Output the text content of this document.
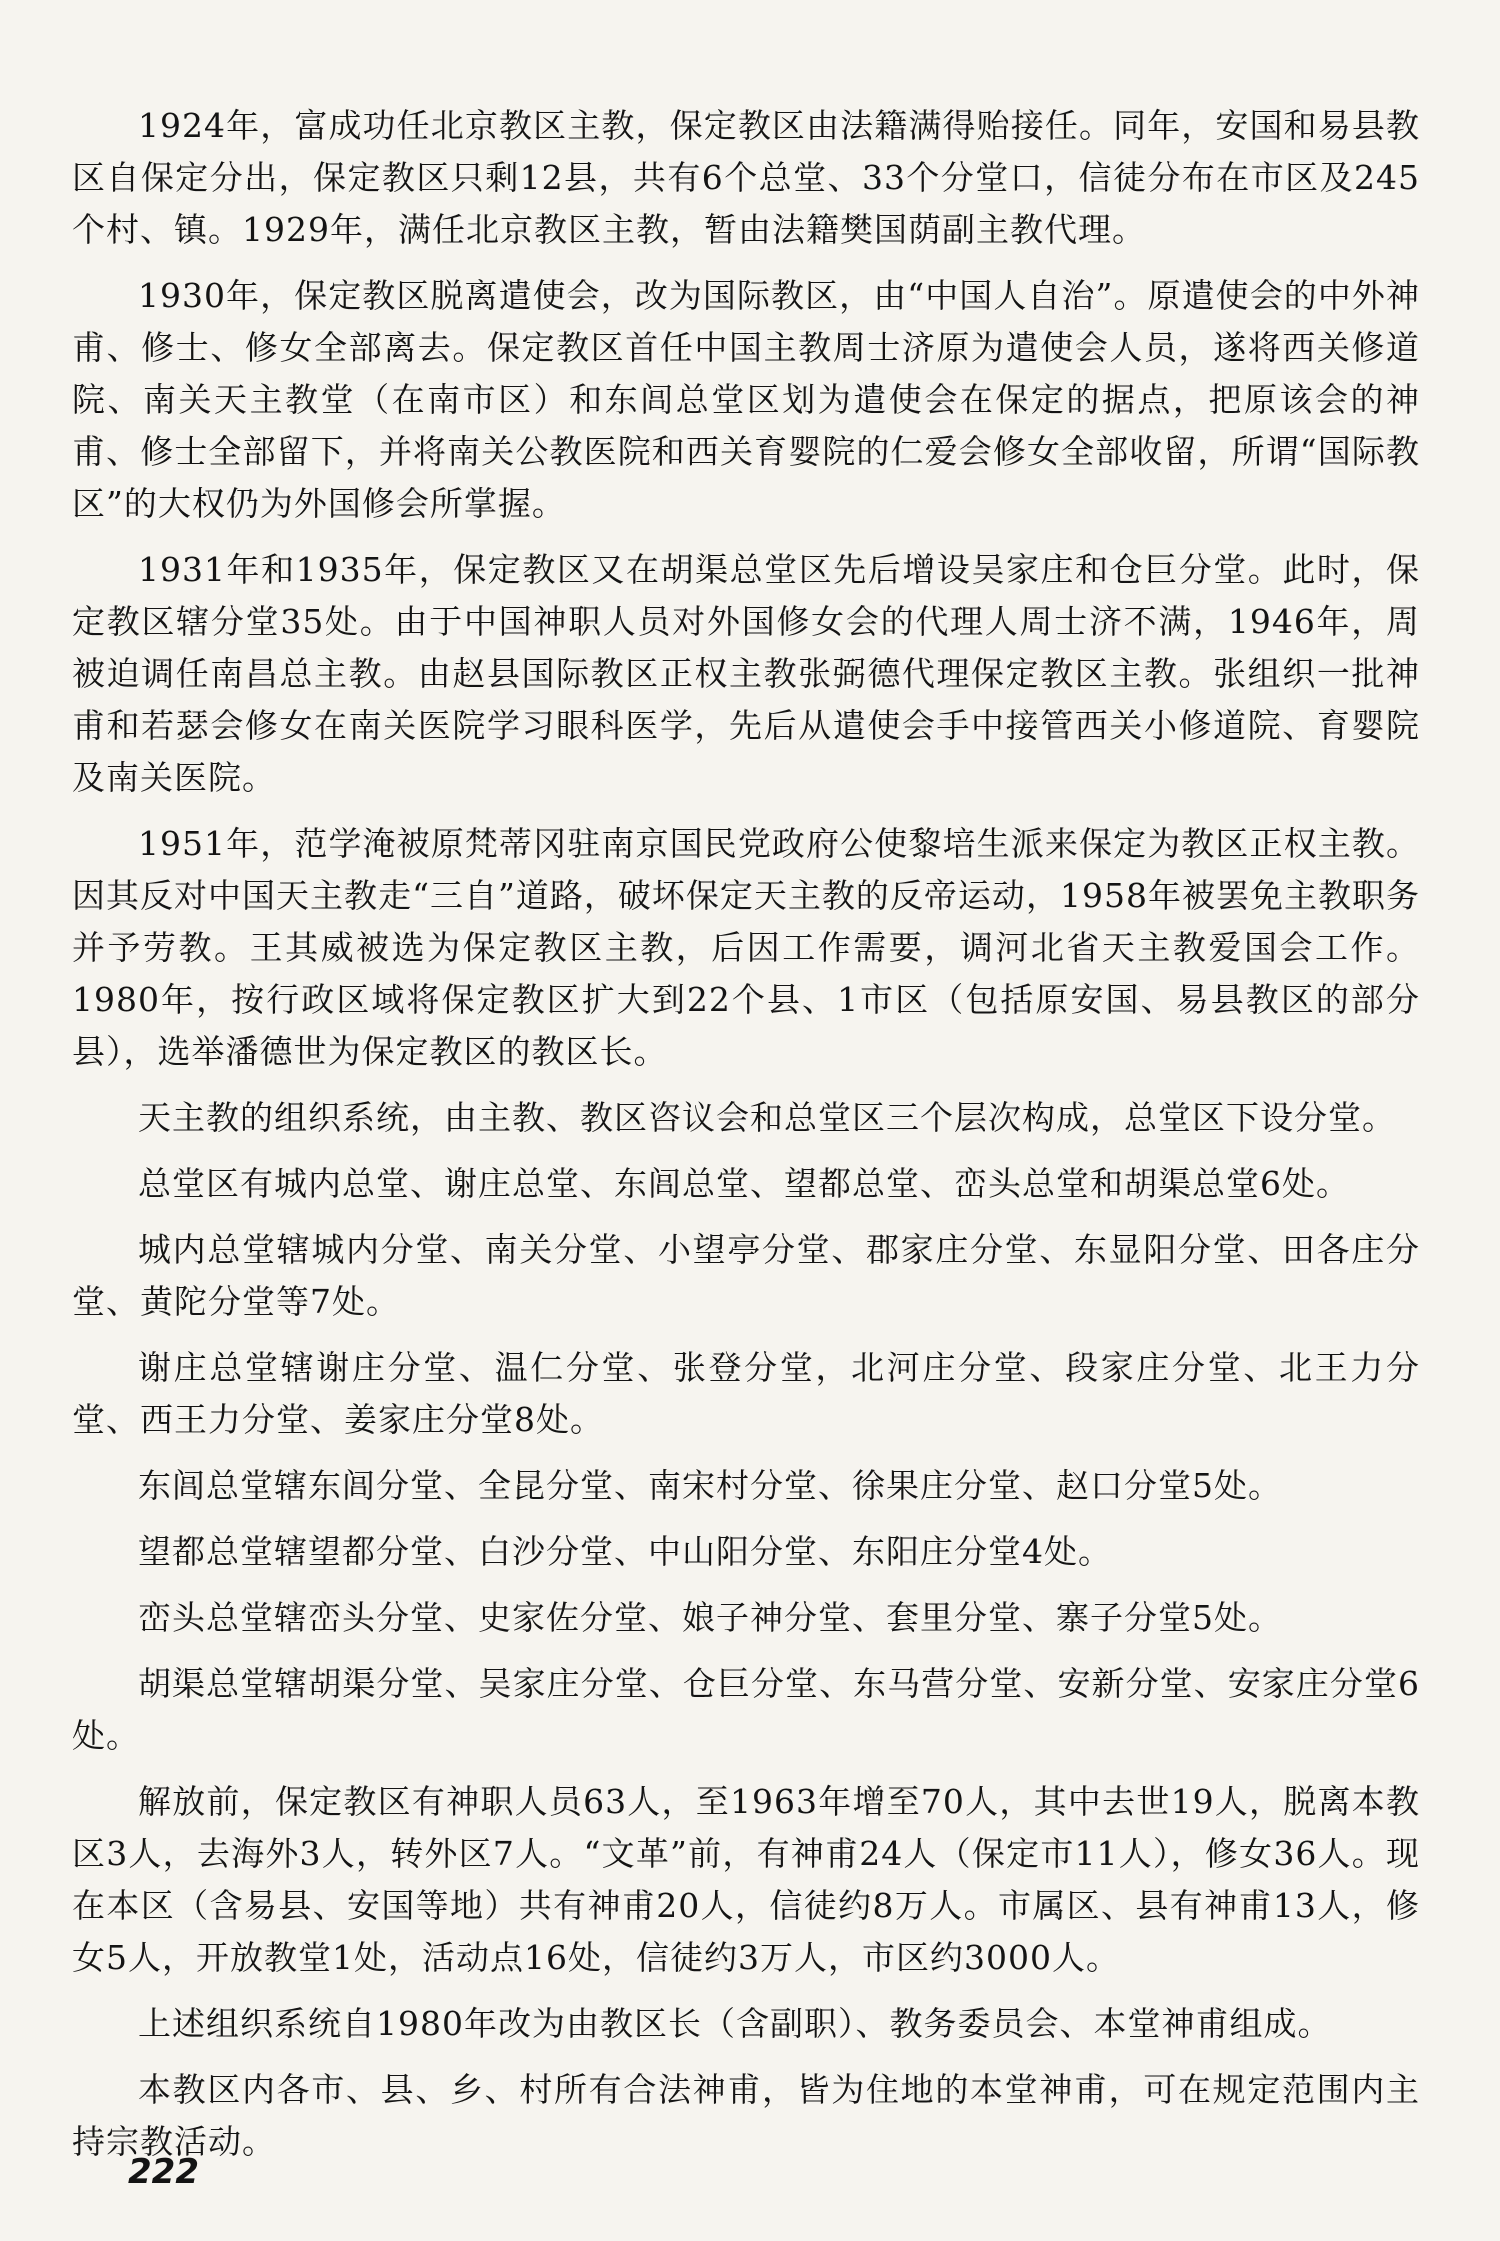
1924年，富成功任北京教区主教，保定教区由法籍满得贻接任。同年，安国和易县教区自保定分出，保定教区只剩12县，共有6个总堂、33个分堂口，信徒分布在市区及245个村、镇。1929年，满任北京教区主教，暂由法籍樊国荫副主教代理。

1930年，保定教区脱离遣使会，改为国际教区，由“中国人自治”。原遣使会的中外神甫、修士、修女全部离去。保定教区首任中国主教周士济原为遣使会人员，遂将西关修道院、南关天主教堂（在南市区）和东闾总堂区划为遣使会在保定的据点，把原该会的神甫、修士全部留下，并将南关公教医院和西关育婴院的仁爱会修女全部收留，所谓“国际教区”的大权仍为外国修会所掌握。

1931年和1935年，保定教区又在胡渠总堂区先后增设吴家庄和仓巨分堂。此时，保定教区辖分堂35处。由于中国神职人员对外国修女会的代理人周士济不满，1946年，周被迫调任南昌总主教。由赵县国际教区正权主教张弼德代理保定教区主教。张组织一批神甫和若瑟会修女在南关医院学习眼科医学，先后从遣使会手中接管西关小修道院、育婴院及南关医院。

1951年，范学淹被原梵蒂冈驻南京国民党政府公使黎培生派来保定为教区正权主教。因其反对中国天主教走“三自”道路，破坏保定天主教的反帝运动，1958年被罢免主教职务并予劳教。王其威被选为保定教区主教，后因工作需要，调河北省天主教爱国会工作。1980年，按行政区域将保定教区扩大到22个县、1市区（包括原安国、易县教区的部分县），选举潘德世为保定教区的教区长。

天主教的组织系统，由主教、教区咨议会和总堂区三个层次构成，总堂区下设分堂。

总堂区有城内总堂、谢庄总堂、东闾总堂、望都总堂、峦头总堂和胡渠总堂6处。

城内总堂辖城内分堂、南关分堂、小望亭分堂、郡家庄分堂、东显阳分堂、田各庄分堂、黄陀分堂等7处。

谢庄总堂辖谢庄分堂、温仁分堂、张登分堂，北河庄分堂、段家庄分堂、北王力分堂、西王力分堂、姜家庄分堂8处。

东闾总堂辖东闾分堂、全昆分堂、南宋村分堂、徐果庄分堂、赵口分堂5处。

望都总堂辖望都分堂、白沙分堂、中山阳分堂、东阳庄分堂4处。

峦头总堂辖峦头分堂、史家佐分堂、娘子神分堂、套里分堂、寨子分堂5处。

胡渠总堂辖胡渠分堂、吴家庄分堂、仓巨分堂、东马营分堂、安新分堂、安家庄分堂6处。

解放前，保定教区有神职人员63人，至1963年增至70人，其中去世19人，脱离本教区3人，去海外3人，转外区7人。“文革”前，有神甫24人（保定市11人），修女36人。现在本区（含易县、安国等地）共有神甫20人，信徒约8万人。市属区、县有神甫13人，修女5人，开放教堂1处，活动点16处，信徒约3万人，市区约3000人。

上述组织系统自1980年改为由教区长（含副职）、教务委员会、本堂神甫组成。

本教区内各市、县、乡、村所有合法神甫，皆为住地的本堂神甫，可在规定范围内主持宗教活动。

222
